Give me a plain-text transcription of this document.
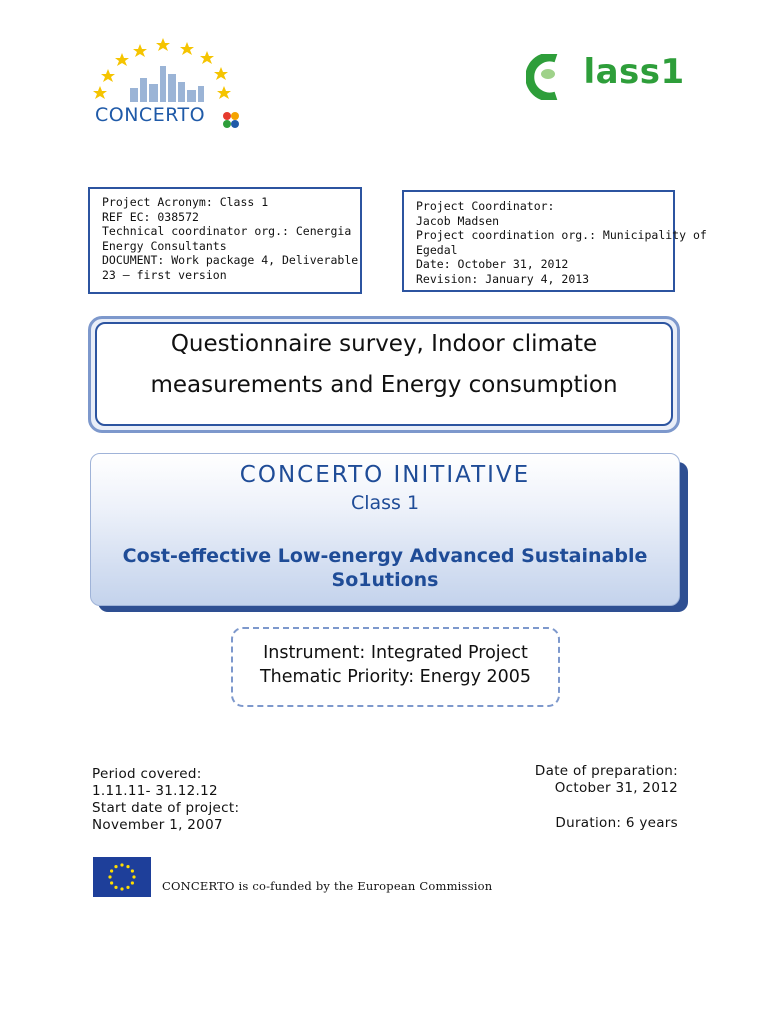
CONCERTO
lass1
Project Acronym: Class 1
REF EC: 038572
Technical coordinator org.: Cenergia
Energy Consultants
DOCUMENT: Work package 4, Deliverable
23 – first version
Project Coordinator:
Jacob Madsen
Project coordination org.: Municipality of
Egedal
Date: October 31, 2012
Revision: January 4, 2013
Questionnaire survey, Indoor climate
measurements and Energy consumption
CONCERTO INITIATIVE
Class 1
Cost-effective Low-energy Advanced Sustainable
So1utions
Instrument: Integrated Project
Thematic Priority: Energy 2005
Period covered:
1.11.11- 31.12.12
Start date of project:
November 1, 2007
Date of preparation:
October 31, 2012
Duration: 6 years
CONCERTO is co-funded by the European Commission
